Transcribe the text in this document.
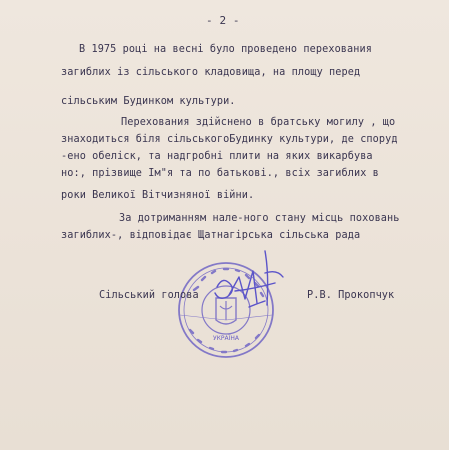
- 2 -
В 1975 році на весні було проведено перехования
загиблих із сільського кладовища, на площу перед
сільським Будинком культури.
Перехования здійснено в братську могилу , що
знаходиться біля сільськогоБудинку культури, де споруд
-ено обеліск, та надгробні плити на яких викарбува
но:, прізвище Ім"я та по батькові., всіх загиблих в
роки Великої Вітчизняної війни.
За дотриманням нале-ного стану місць поховань
загиблих-, відповідає Щатнагірська сільська рада
УКРАЇНА
Сільський голова	Р.В. Прокопчук
